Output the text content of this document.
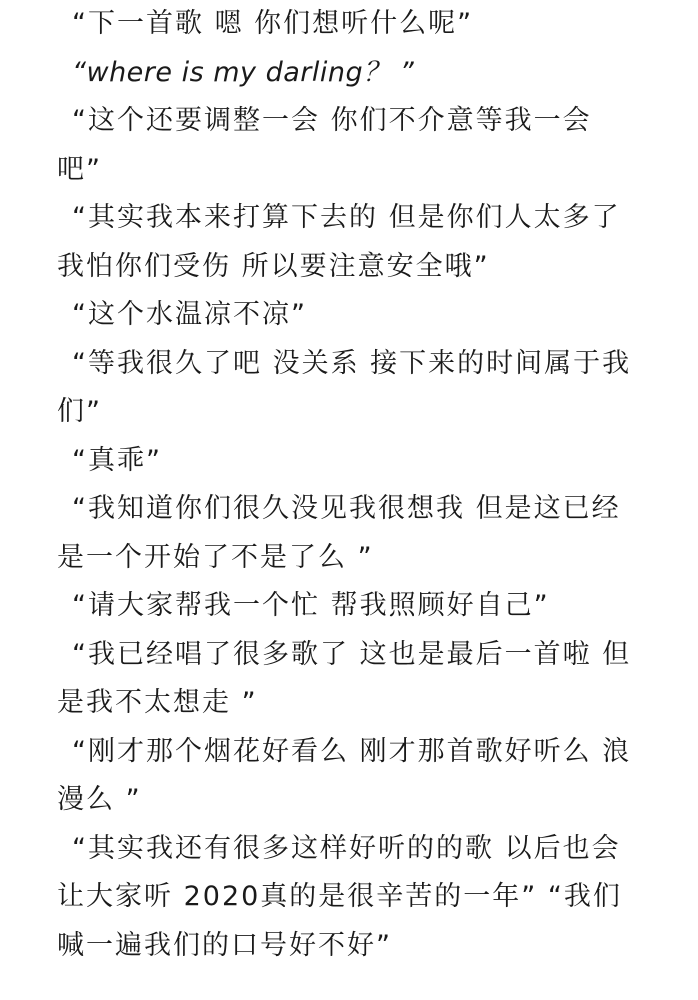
“下一首歌 嗯 你们想听什么呢”
“where is my darling？ ”
“这个还要调整一会 你们不介意等我一会
吧”
“其实我本来打算下去的 但是你们人太多了
我怕你们受伤 所以要注意安全哦”
“这个水温凉不凉”
“等我很久了吧 没关系 接下来的时间属于我
们”
“真乖”
“我知道你们很久没见我很想我 但是这已经
是一个开始了不是了么 ”
“请大家帮我一个忙 帮我照顾好自己”
“我已经唱了很多歌了 这也是最后一首啦 但
是我不太想走 ”
“刚才那个烟花好看么 刚才那首歌好听么 浪
漫么 ”
“其实我还有很多这样好听的的歌 以后也会
让大家听 2020真的是很辛苦的一年” “我们
喊一遍我们的口号好不好”
